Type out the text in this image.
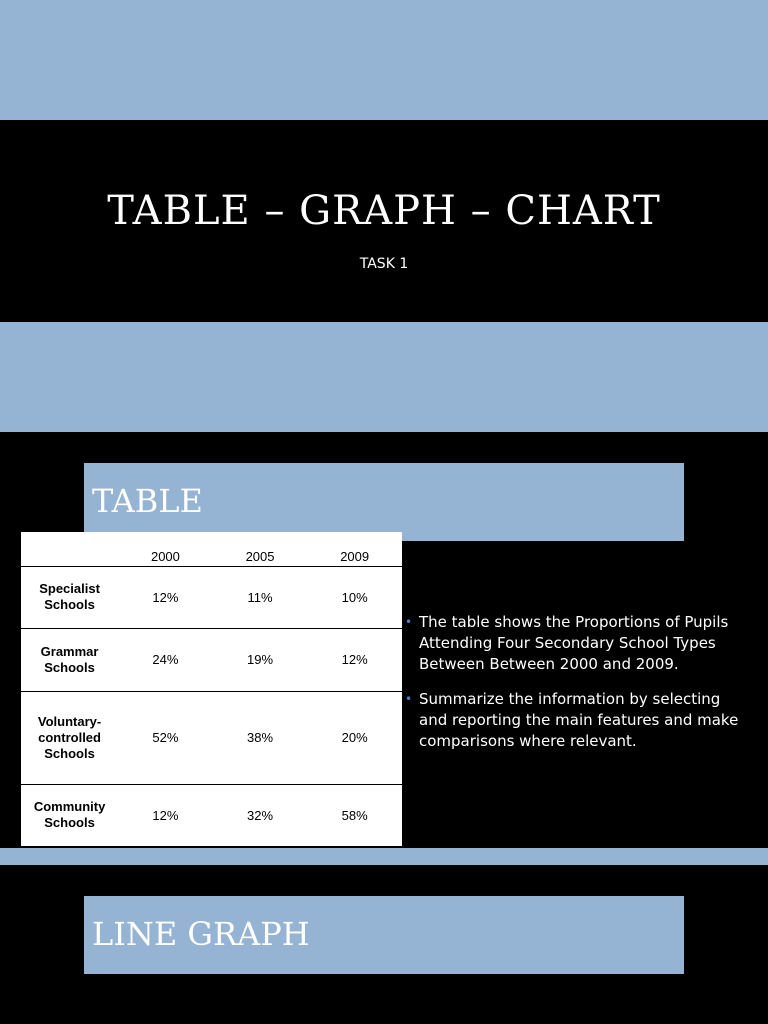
TABLE – GRAPH – CHART
TASK 1
TABLE
	2000	2005	2009
Specialist Schools	12%	11%	10%
Grammar Schools	24%	19%	12%
Voluntary-controlled Schools	52%	38%	20%
Community Schools	12%	32%	58%
• The table shows the Proportions of Pupils Attending Four Secondary School Types Between Between 2000 and 2009.
• Summarize the information by selecting and reporting the main features and make comparisons where relevant.
LINE GRAPH
